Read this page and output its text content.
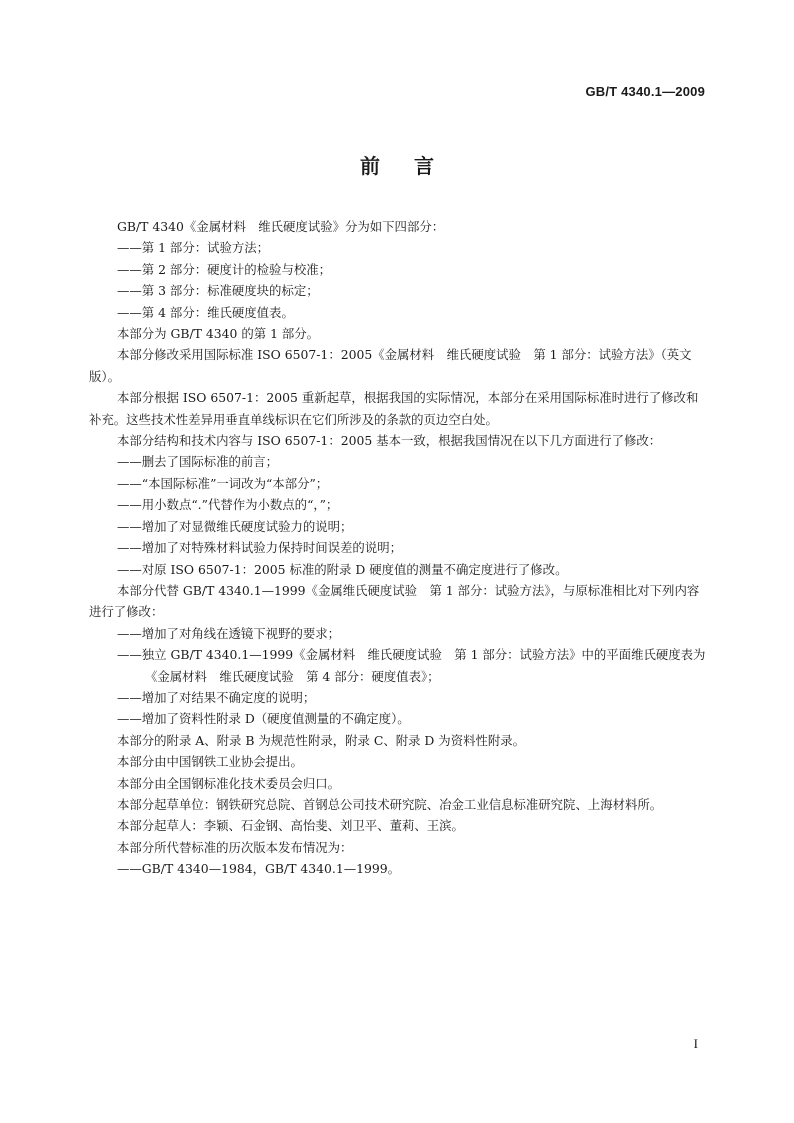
GB/T 4340.1—2009
前言

GB/T 4340《金属材料　维氏硬度试验》分为如下四部分：

——第 1 部分：试验方法；

——第 2 部分：硬度计的检验与校准；

——第 3 部分：标准硬度块的标定；

——第 4 部分：维氏硬度值表。

本部分为 GB/T 4340 的第 1 部分。

本部分修改采用国际标准 ISO 6507-1：2005《金属材料　维氏硬度试验　第 1 部分：试验方法》（英文版）。

本部分根据 ISO 6507-1：2005 重新起草，根据我国的实际情况，本部分在采用国际标准时进行了修改和补充。这些技术性差异用垂直单线标识在它们所涉及的条款的页边空白处。

本部分结构和技术内容与 ISO 6507-1：2005 基本一致，根据我国情况在以下几方面进行了修改：

——删去了国际标准的前言；

——“本国际标准”一词改为“本部分”；

——用小数点“.”代替作为小数点的“，”；

——增加了对显微维氏硬度试验力的说明；

——增加了对特殊材料试验力保持时间误差的说明；

——对原 ISO 6507-1：2005 标准的附录 D 硬度值的测量不确定度进行了修改。

本部分代替 GB/T 4340.1—1999《金属维氏硬度试验　第 1 部分：试验方法》，与原标准相比对下列内容进行了修改：

——增加了对角线在透镜下视野的要求；

——独立 GB/T 4340.1—1999《金属材料　维氏硬度试验　第 1 部分：试验方法》中的平面维氏硬度表为《金属材料　维氏硬度试验　第 4 部分：硬度值表》；

——增加了对结果不确定度的说明；

——增加了资料性附录 D（硬度值测量的不确定度）。

本部分的附录 A、附录 B 为规范性附录，附录 C、附录 D 为资料性附录。

本部分由中国钢铁工业协会提出。

本部分由全国钢标准化技术委员会归口。

本部分起草单位：钢铁研究总院、首钢总公司技术研究院、冶金工业信息标准研究院、上海材料所。

本部分起草人：李颖、石金钢、高怡斐、刘卫平、董莉、王滨。

本部分所代替标准的历次版本发布情况为：

——GB/T 4340—1984，GB/T 4340.1—1999。

I
